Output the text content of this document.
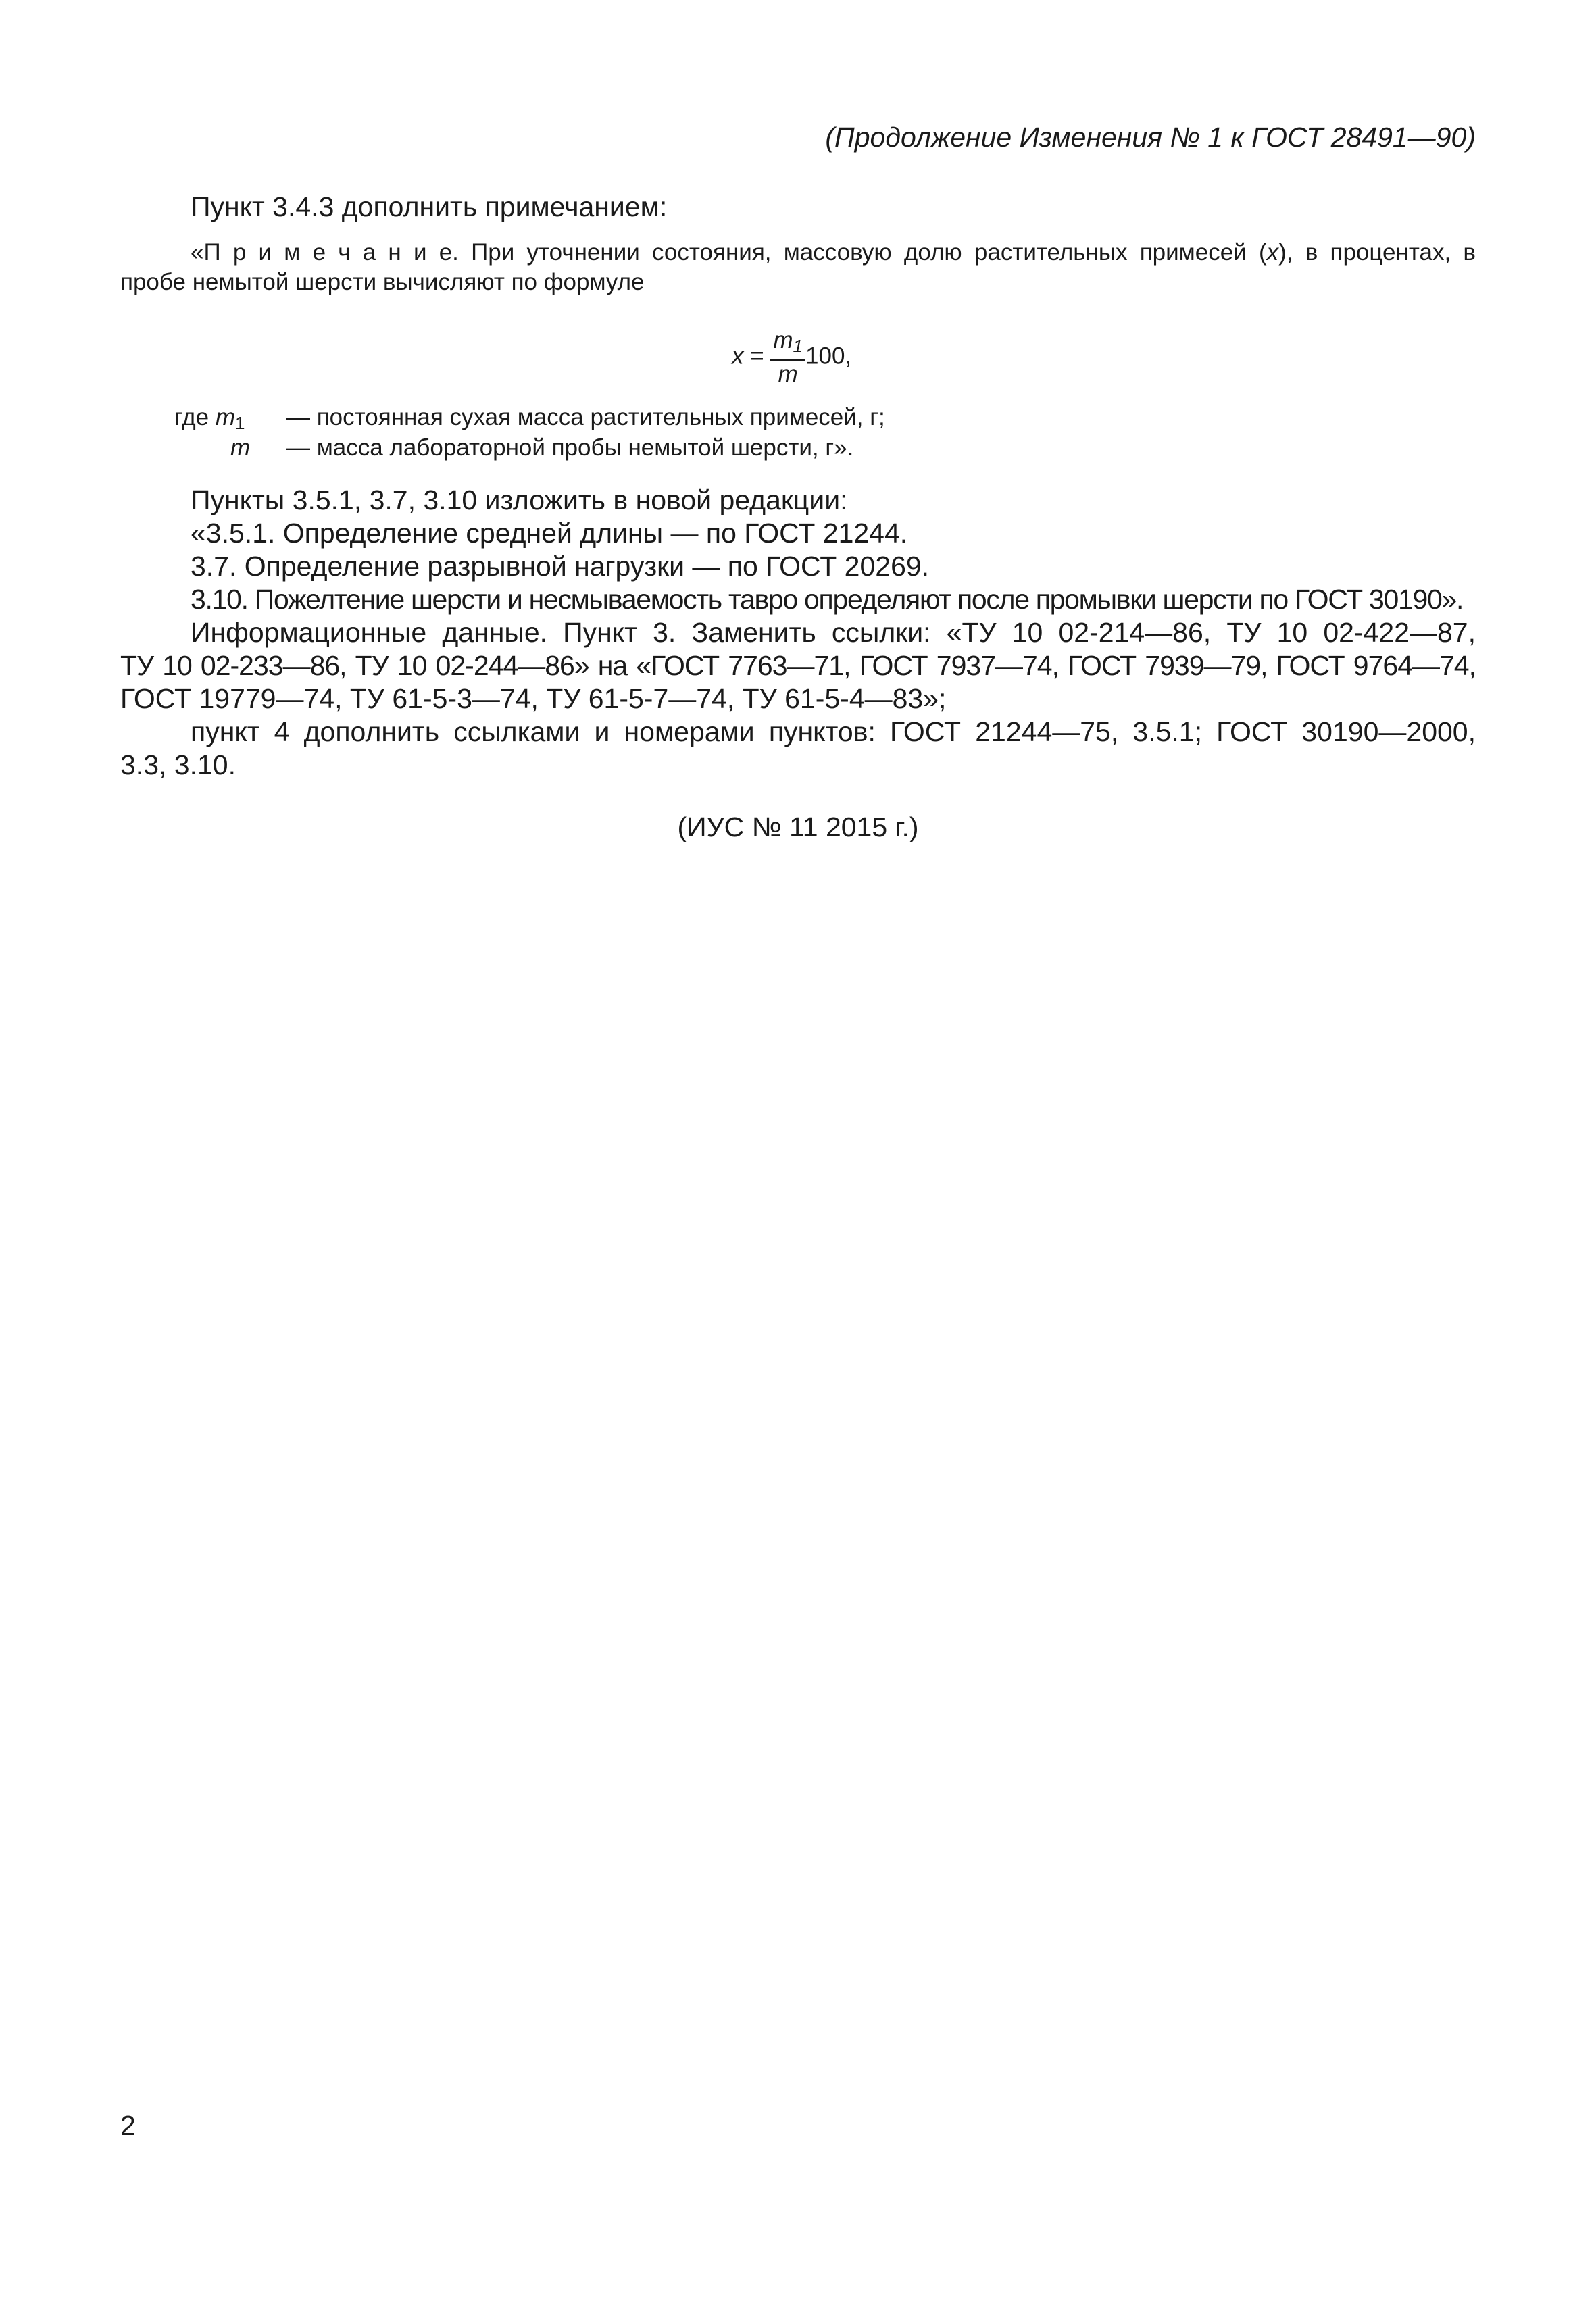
(Продолжение Изменения № 1 к ГОСТ 28491—90)
Пункт 3.4.3 дополнить примечанием:
«П р и м е ч а н и е. При уточнении состояния, массовую долю растительных примесей (x), в процентах, в
пробе немытой шерсти вычисляют по формуле
$x = \frac{m_1}{m} 100$,
где $m_1$ — постоянная сухая масса растительных примесей, г;
m — масса лабораторной пробы немытой шерсти, г».
Пункты 3.5.1, 3.7, 3.10 изложить в новой редакции:
«3.5.1. Определение средней длины — по ГОСТ 21244.
3.7. Определение разрывной нагрузки — по ГОСТ 20269.
3.10. Пожелтение шерсти и несмываемость тавро определяют после промывки шерсти по ГОСТ 30190».
Информационные данные. Пункт 3. Заменить ссылки: «ТУ 10 02-214—86, ТУ 10 02-422—87,
ТУ 10 02-233—86, ТУ 10 02-244—86» на «ГОСТ 7763—71, ГОСТ 7937—74, ГОСТ 7939—79, ГОСТ 9764—74,
ГОСТ 19779—74, ТУ 61-5-3—74, ТУ 61-5-7—74, ТУ 61-5-4—83»;
пункт 4 дополнить ссылками и номерами пунктов: ГОСТ 21244—75, 3.5.1; ГОСТ 30190—2000,
3.3, 3.10.
(ИУС № 11 2015 г.)
2
